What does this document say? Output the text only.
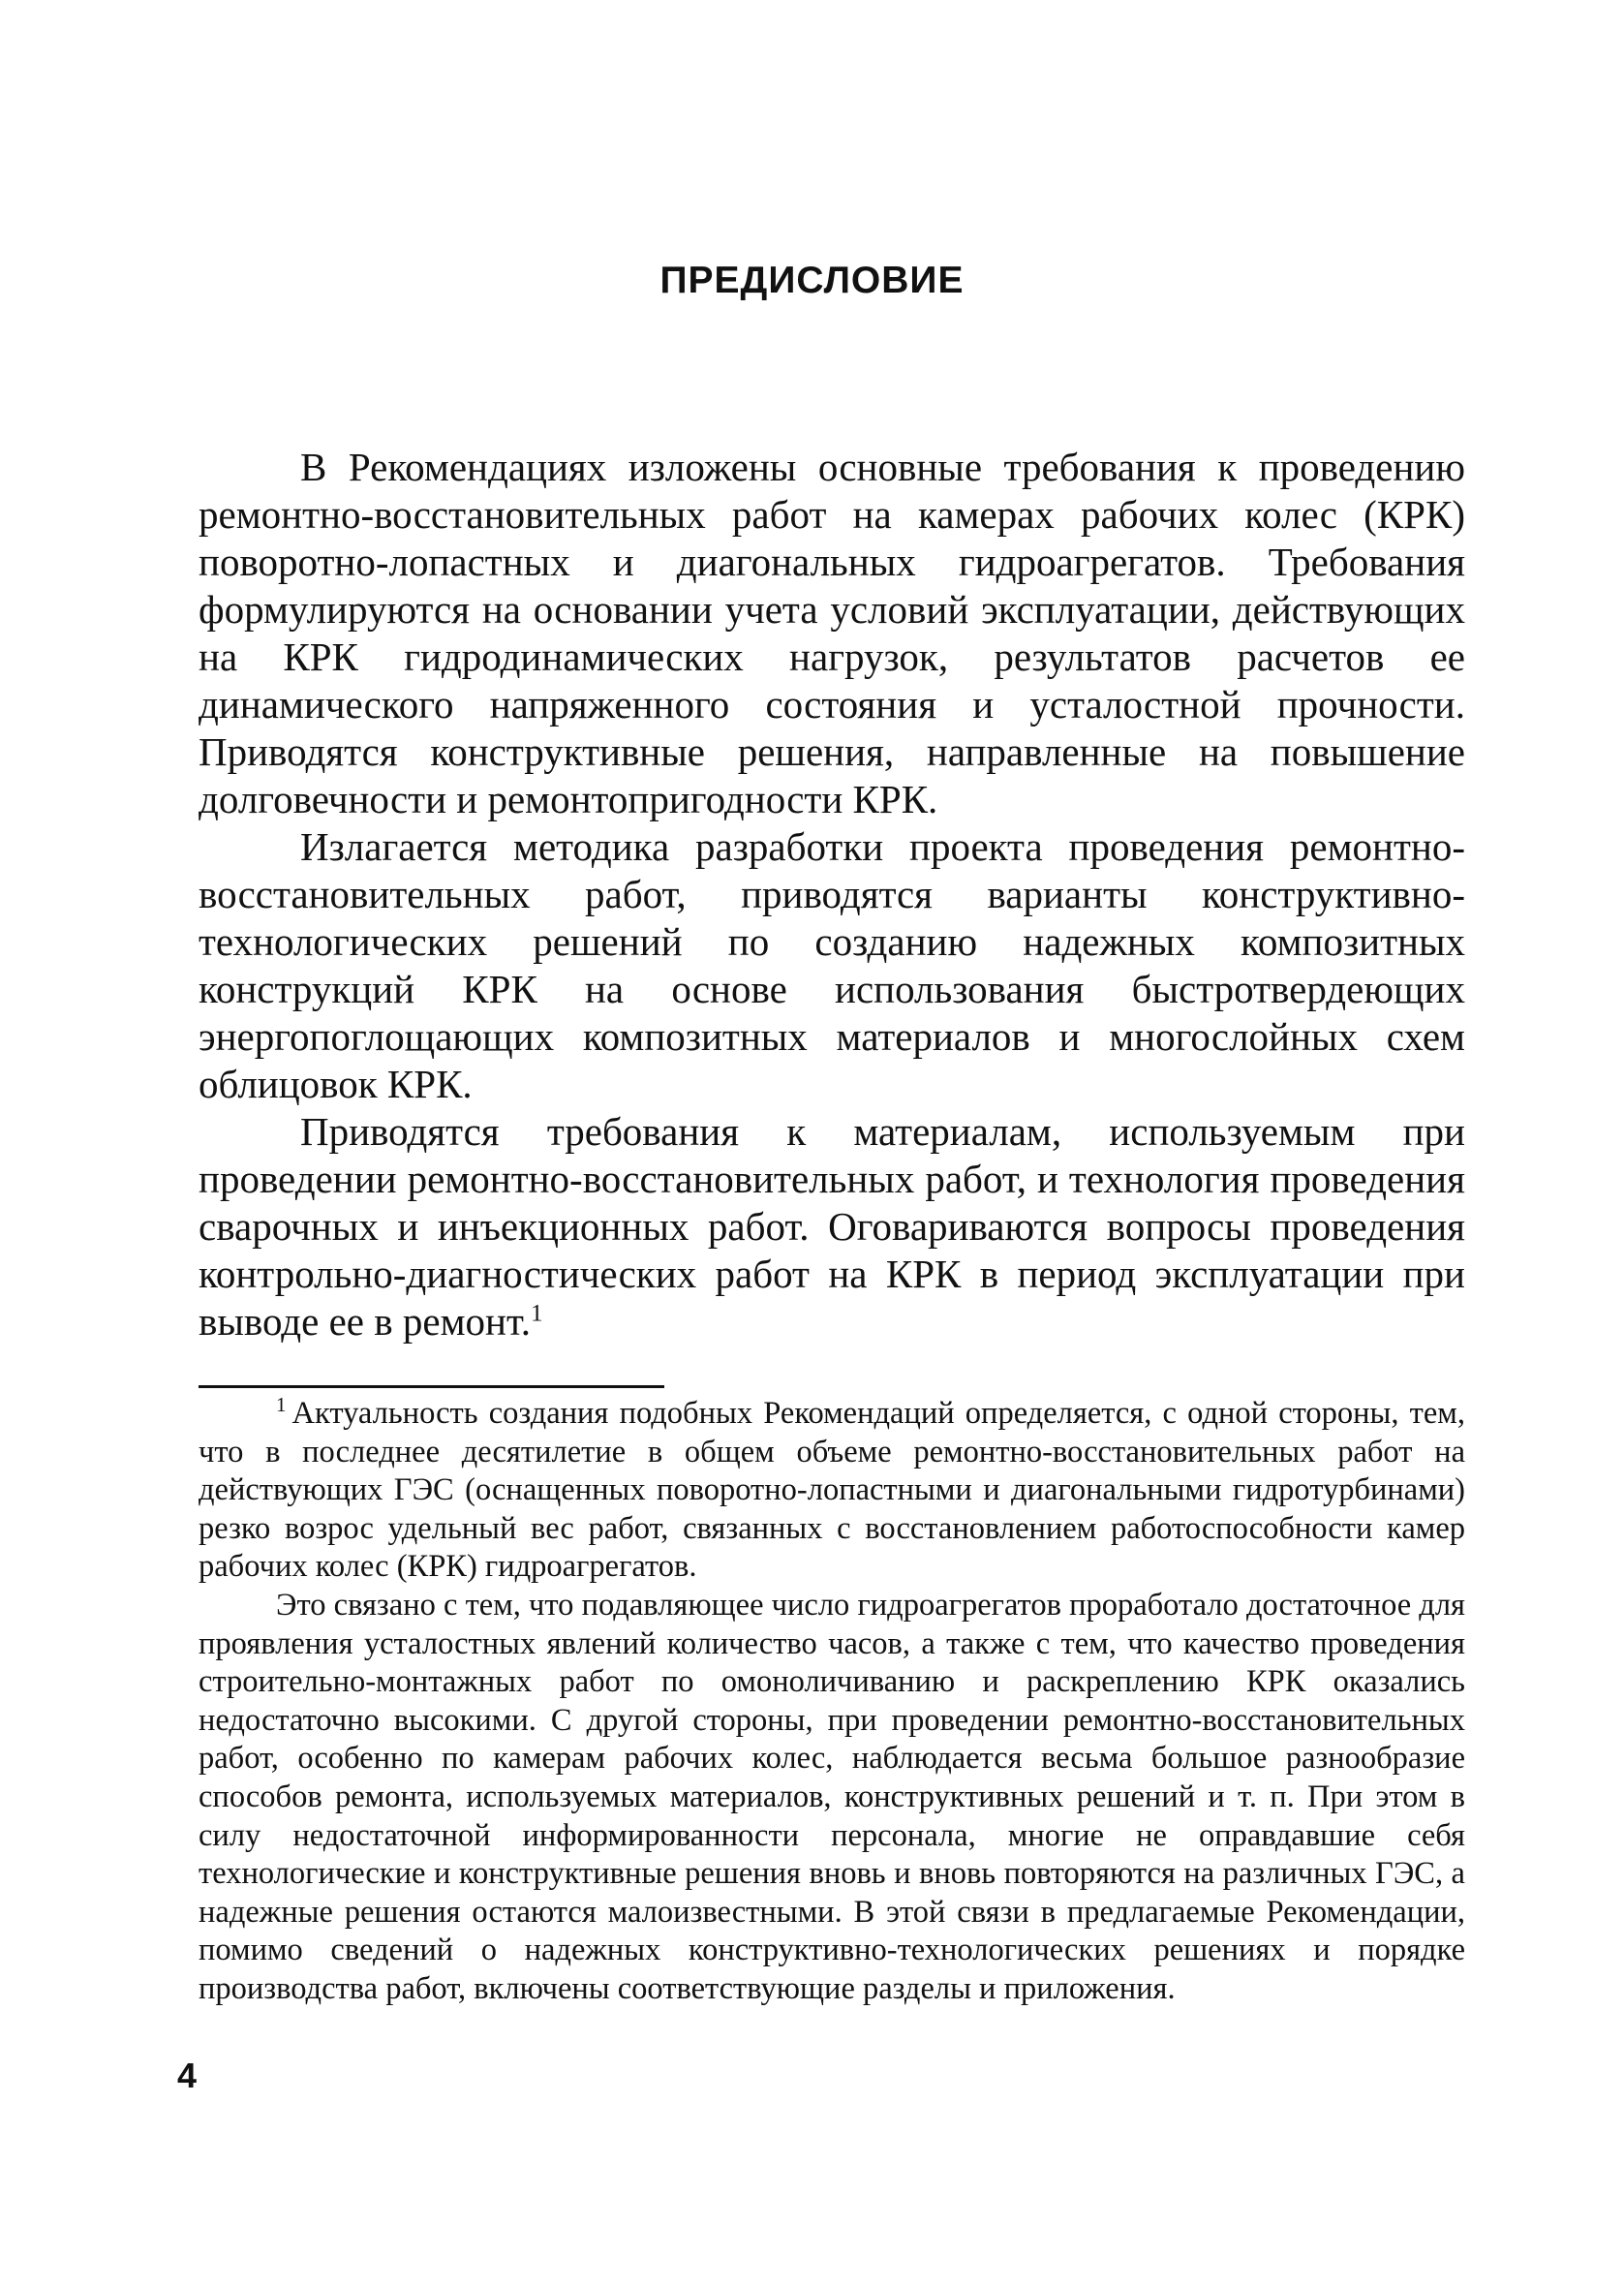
ПРЕДИСЛОВИЕ

В Рекомендациях изложены основные требования к проведению ремонтно-восстановительных работ на камерах рабочих колес (КРК) поворотно-лопастных и диагональных гидроагрегатов. Требования формулируются на основании учета условий эксплуатации, действующих на КРК гидродинамических нагрузок, результатов расчетов ее динамического напряженного состояния и усталостной прочности. Приводятся конструктивные решения, направленные на повышение долговечности и ремонтопригодности КРК.

Излагается методика разработки проекта проведения ремонтно-восстановительных работ, приводятся варианты конструктивно-технологических решений по созданию надежных композитных конструкций КРК на основе использования быстротвердеющих энергопоглощающих композитных материалов и многослойных схем облицовок КРК.

Приводятся требования к материалам, используемым при проведении ремонтно-восстановительных работ, и технология проведения сварочных и инъекционных работ. Оговариваются вопросы проведения контрольно-диагностических работ на КРК в период эксплуатации при выводе ее в ремонт.$^1$

$^1$ Актуальность создания подобных Рекомендаций определяется, с одной стороны, тем, что в последнее десятилетие в общем объеме ремонтно-восстановительных работ на действующих ГЭС (оснащенных поворотно-лопастными и диагональными гидротурбинами) резко возрос удельный вес работ, связанных с восстановлением работоспособности камер рабочих колес (КРК) гидроагрегатов.

Это связано с тем, что подавляющее число гидроагрегатов проработало достаточное для проявления усталостных явлений количество часов, а также с тем, что качество проведения строительно-монтажных работ по омоноличиванию и раскреплению КРК оказались недостаточно высокими. С другой стороны, при проведении ремонтно-восстановительных работ, особенно по камерам рабочих колес, наблюдается весьма большое разнообразие способов ремонта, используемых материалов, конструктивных решений и т. п. При этом в силу недостаточной информированности персонала, многие не оправдавшие себя технологические и конструктивные решения вновь и вновь повторяются на различных ГЭС, а надежные решения остаются малоизвестными. В этой связи в предлагаемые Рекомендации, помимо сведений о надежных конструктивно-технологических решениях и порядке производства работ, включены соответствующие разделы и приложения.

4
